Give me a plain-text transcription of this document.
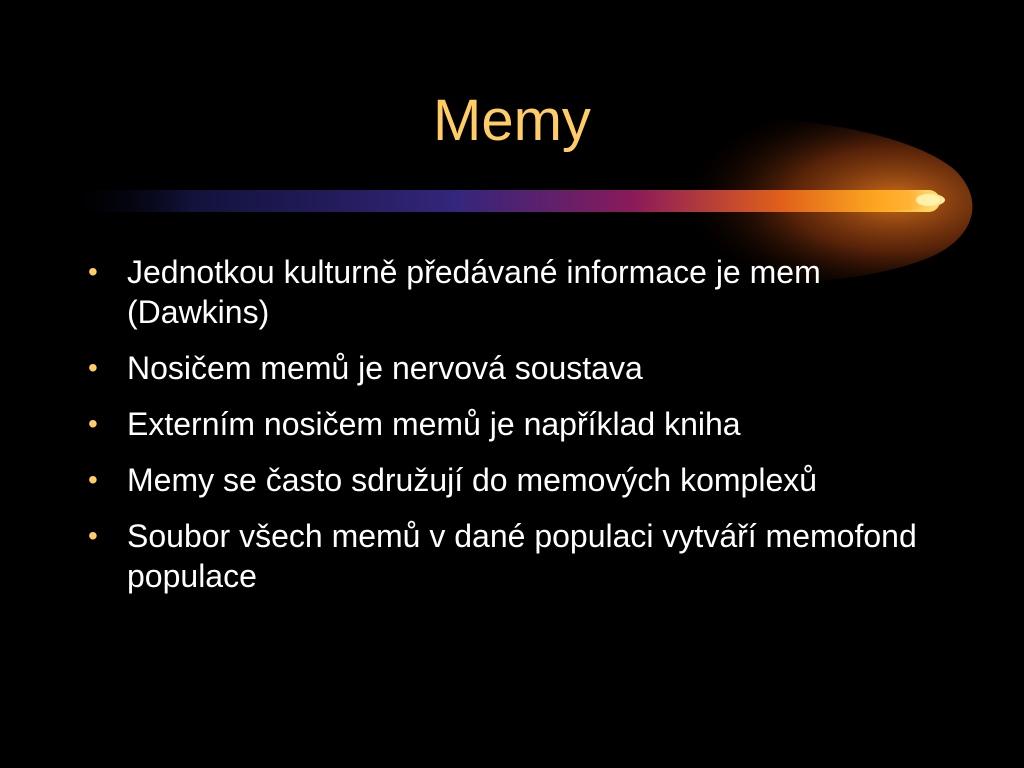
Memy
• Jednotkou kulturně předávané informace je mem (Dawkins)
• Nosičem memů je nervová soustava
• Externím nosičem memů je například kniha
• Memy se často sdružují do memových komplexů
• Soubor všech memů v dané populaci vytváří memofond populace
